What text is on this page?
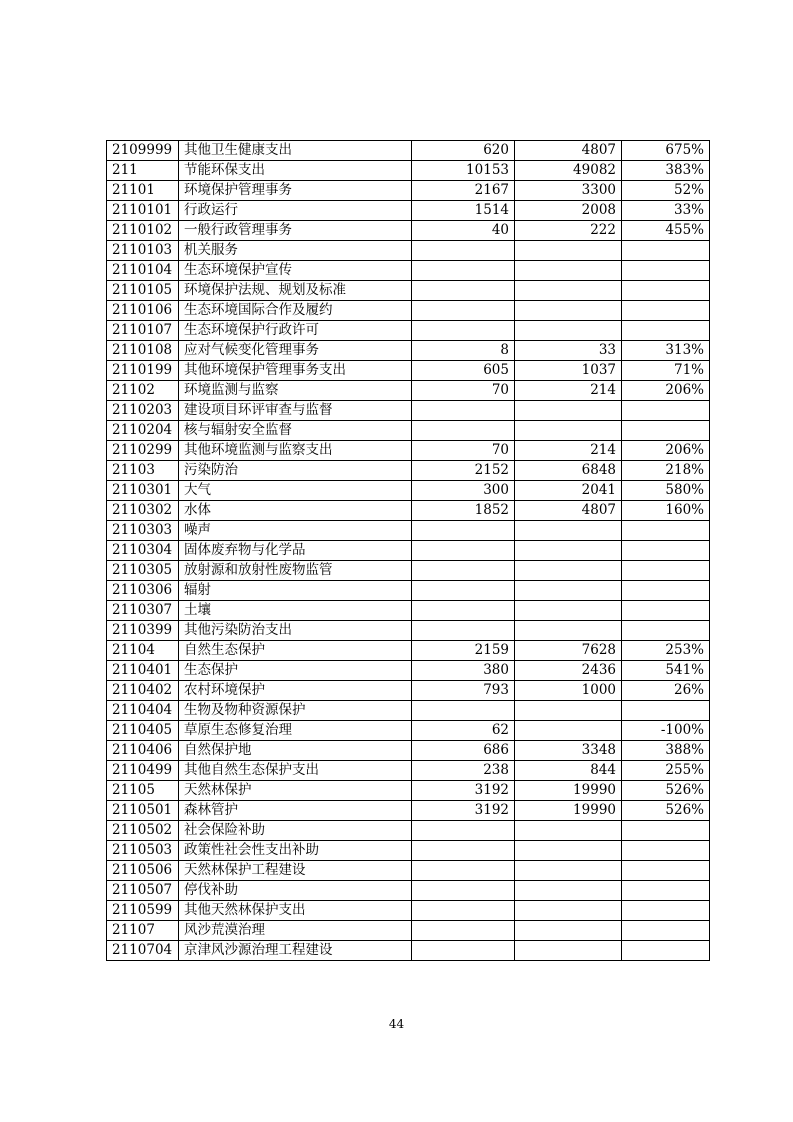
2109999	其他卫生健康支出	620	4807	675%
211	节能环保支出	10153	49082	383%
21101	环境保护管理事务	2167	3300	52%
2110101	行政运行	1514	2008	33%
2110102	一般行政管理事务	40	222	455%
2110103	机关服务			
2110104	生态环境保护宣传			
2110105	环境保护法规、规划及标准			
2110106	生态环境国际合作及履约			
2110107	生态环境保护行政许可			
2110108	应对气候变化管理事务	8	33	313%
2110199	其他环境保护管理事务支出	605	1037	71%
21102	环境监测与监察	70	214	206%
2110203	建设项目环评审查与监督			
2110204	核与辐射安全监督			
2110299	其他环境监测与监察支出	70	214	206%
21103	污染防治	2152	6848	218%
2110301	大气	300	2041	580%
2110302	水体	1852	4807	160%
2110303	噪声			
2110304	固体废弃物与化学品			
2110305	放射源和放射性废物监管			
2110306	辐射			
2110307	土壤			
2110399	其他污染防治支出			
21104	自然生态保护	2159	7628	253%
2110401	生态保护	380	2436	541%
2110402	农村环境保护	793	1000	26%
2110404	生物及物种资源保护			
2110405	草原生态修复治理	62		-100%
2110406	自然保护地	686	3348	388%
2110499	其他自然生态保护支出	238	844	255%
21105	天然林保护	3192	19990	526%
2110501	森林管护	3192	19990	526%
2110502	社会保险补助			
2110503	政策性社会性支出补助			
2110506	天然林保护工程建设			
2110507	停伐补助			
2110599	其他天然林保护支出			
21107	风沙荒漠治理			
2110704	京津风沙源治理工程建设			
44
